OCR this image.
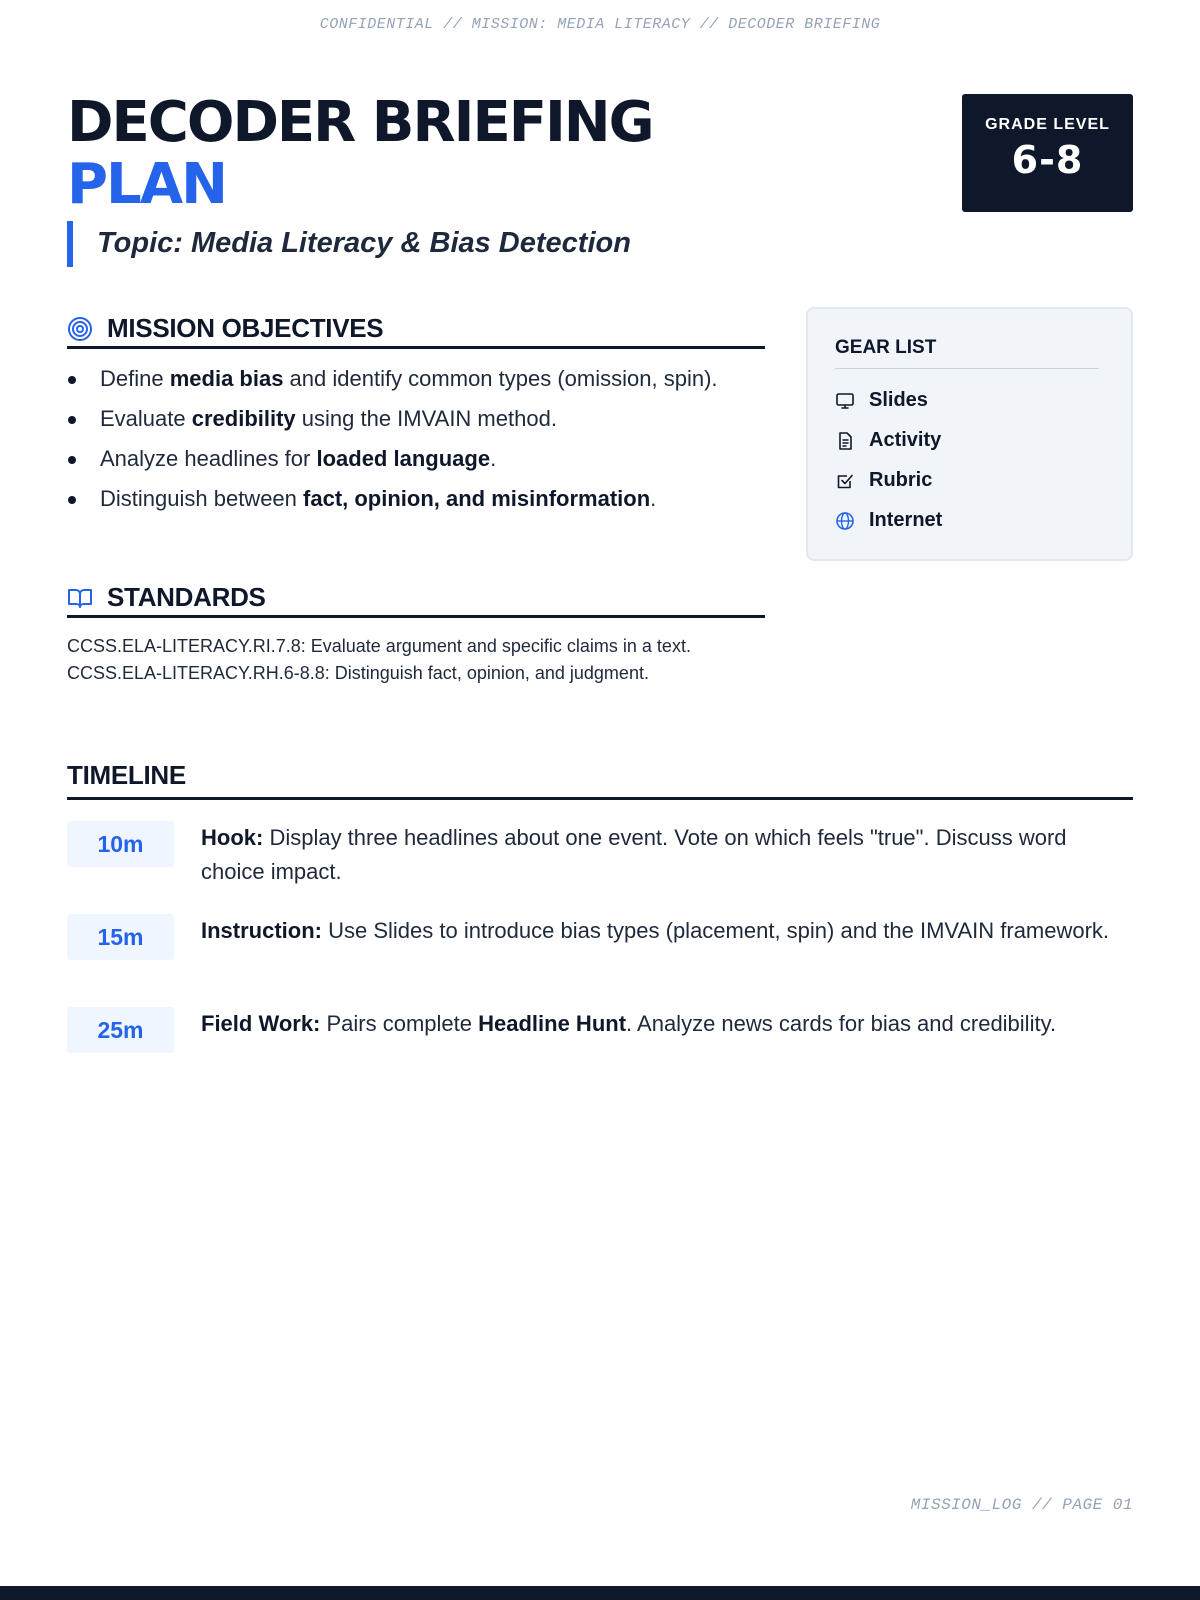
CONFIDENTIAL // MISSION: MEDIA LITERACY // DECODER BRIEFING
DECODER BRIEFING
PLAN
Topic: Media Literacy & Bias Detection
GRADE LEVEL
6-8
MISSION OBJECTIVES
Define media bias and identify common types (omission, spin).
Evaluate credibility using the IMVAIN method.
Analyze headlines for loaded language.
Distinguish between fact, opinion, and misinformation.
STANDARDS
CCSS.ELA-LITERACY.RI.7.8: Evaluate argument and specific claims in a text.
CCSS.ELA-LITERACY.RH.6-8.8: Distinguish fact, opinion, and judgment.
GEAR LIST
Slides
Activity
Rubric
Internet
TIMELINE
10m	Hook: Display three headlines about one event. Vote on which feels "true". Discuss word choice impact.
15m	Instruction: Use Slides to introduce bias types (placement, spin) and the IMVAIN framework.
25m	Field Work: Pairs complete Headline Hunt. Analyze news cards for bias and credibility.
MISSION_LOG // PAGE 01
